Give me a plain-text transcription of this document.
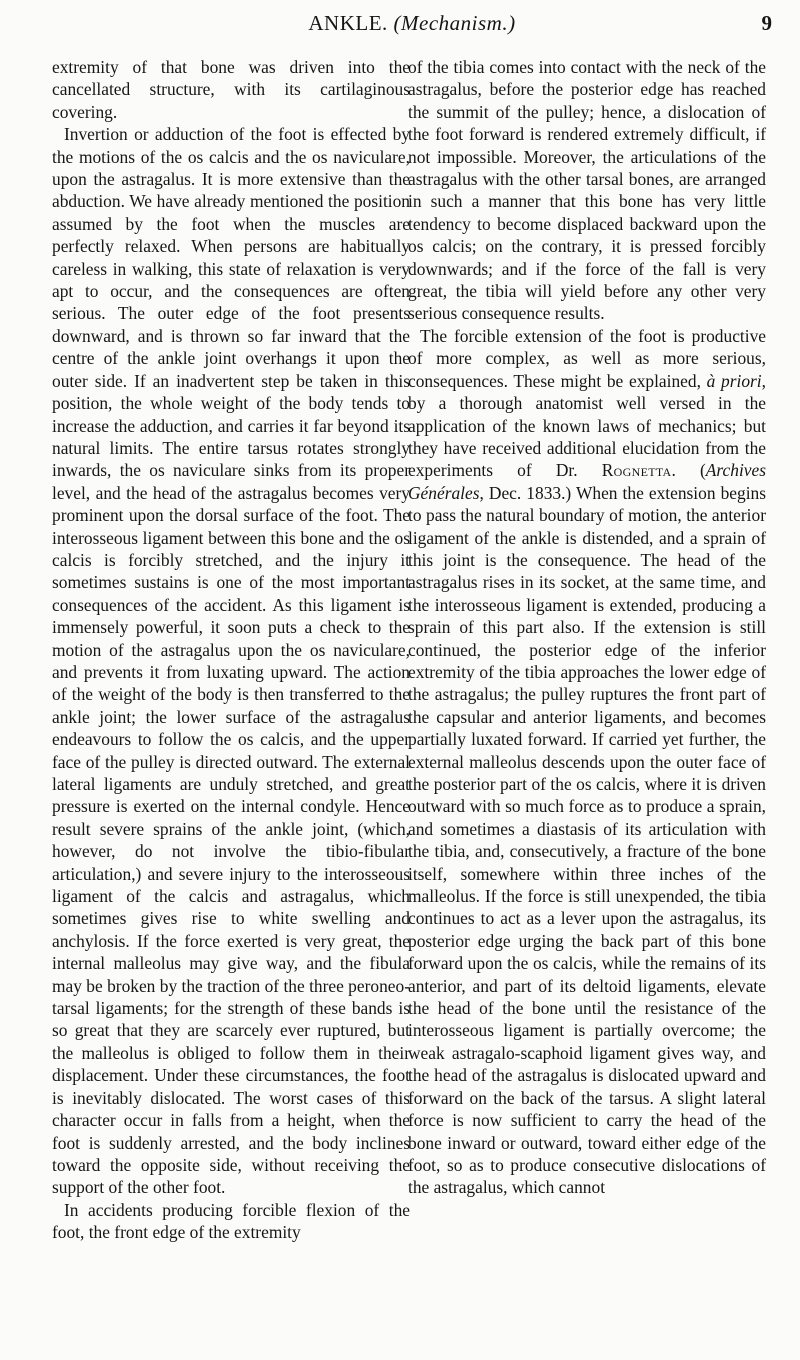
ANKLE. (Mechanism.)	9

extremity of that bone was driven into the cancellated structure, with its cartilaginous covering.

Invertion or adduction of the foot is effected by the motions of the os calcis and the os naviculare, upon the astragalus. It is more extensive than the abduction. We have already mentioned the position assumed by the foot when the muscles are perfectly relaxed. When persons are habitually careless in walking, this state of relaxation is very apt to occur, and the consequences are often serious. The outer edge of the foot presents downward, and is thrown so far inward that the centre of the ankle joint overhangs it upon the outer side. If an inadvertent step be taken in this position, the whole weight of the body tends to increase the adduction, and carries it far beyond its natural limits. The entire tarsus rotates strongly inwards, the os naviculare sinks from its proper level, and the head of the astragalus becomes very prominent upon the dorsal surface of the foot. The interosseous ligament between this bone and the os calcis is forcibly stretched, and the injury it sometimes sustains is one of the most important consequences of the accident. As this ligament is immensely powerful, it soon puts a check to the motion of the astragalus upon the os naviculare, and prevents it from luxating upward. The action of the weight of the body is then transferred to the ankle joint; the lower surface of the astragalus endeavours to follow the os calcis, and the upper face of the pulley is directed outward. The external lateral ligaments are unduly stretched, and great pressure is exerted on the internal condyle. Hence result severe sprains of the ankle joint, (which, however, do not involve the tibio-fibular articulation,) and severe injury to the interosseous ligament of the calcis and astragalus, which sometimes gives rise to white swelling and anchylosis. If the force exerted is very great, the internal malleolus may give way, and the fibula may be broken by the traction of the three peroneo-tarsal ligaments; for the strength of these bands is so great that they are scarcely ever ruptured, but the malleolus is obliged to follow them in their displacement. Under these circumstances, the foot is inevitably dislocated. The worst cases of this character occur in falls from a height, when the foot is suddenly arrested, and the body inclines toward the opposite side, without receiving the support of the other foot.

In accidents producing forcible flexion of the foot, the front edge of the extremity

of the tibia comes into contact with the neck of the astragalus, before the posterior edge has reached the summit of the pulley; hence, a dislocation of the foot forward is rendered extremely difficult, if not impossible. Moreover, the articulations of the astragalus with the other tarsal bones, are arranged in such a manner that this bone has very little tendency to become displaced backward upon the os calcis; on the contrary, it is pressed forcibly downwards; and if the force of the fall is very great, the tibia will yield before any other very serious consequence results.

The forcible extension of the foot is productive of more complex, as well as more serious, consequences. These might be explained, à priori, by a thorough anatomist well versed in the application of the known laws of mechanics; but they have received additional elucidation from the experiments of Dr. Rognetta. (Archives Générales, Dec. 1833.) When the extension begins to pass the natural boundary of motion, the anterior ligament of the ankle is distended, and a sprain of this joint is the consequence. The head of the astragalus rises in its socket, at the same time, and the interosseous ligament is extended, producing a sprain of this part also. If the extension is still continued, the posterior edge of the inferior extremity of the tibia approaches the lower edge of the astragalus; the pulley ruptures the front part of the capsular and anterior ligaments, and becomes partially luxated forward. If carried yet further, the external malleolus descends upon the outer face of the posterior part of the os calcis, where it is driven outward with so much force as to produce a sprain, and sometimes a diastasis of its articulation with the tibia, and, consecutively, a fracture of the bone itself, somewhere within three inches of the malleolus. If the force is still unexpended, the tibia continues to act as a lever upon the astragalus, its posterior edge urging the back part of this bone forward upon the os calcis, while the remains of its anterior, and part of its deltoid ligaments, elevate the head of the bone until the resistance of the interosseous ligament is partially overcome; the weak astragalo-scaphoid ligament gives way, and the head of the astragalus is dislocated upward and forward on the back of the tarsus. A slight lateral force is now sufficient to carry the head of the bone inward or outward, toward either edge of the foot, so as to produce consecutive dislocations of the astragalus, which cannot
